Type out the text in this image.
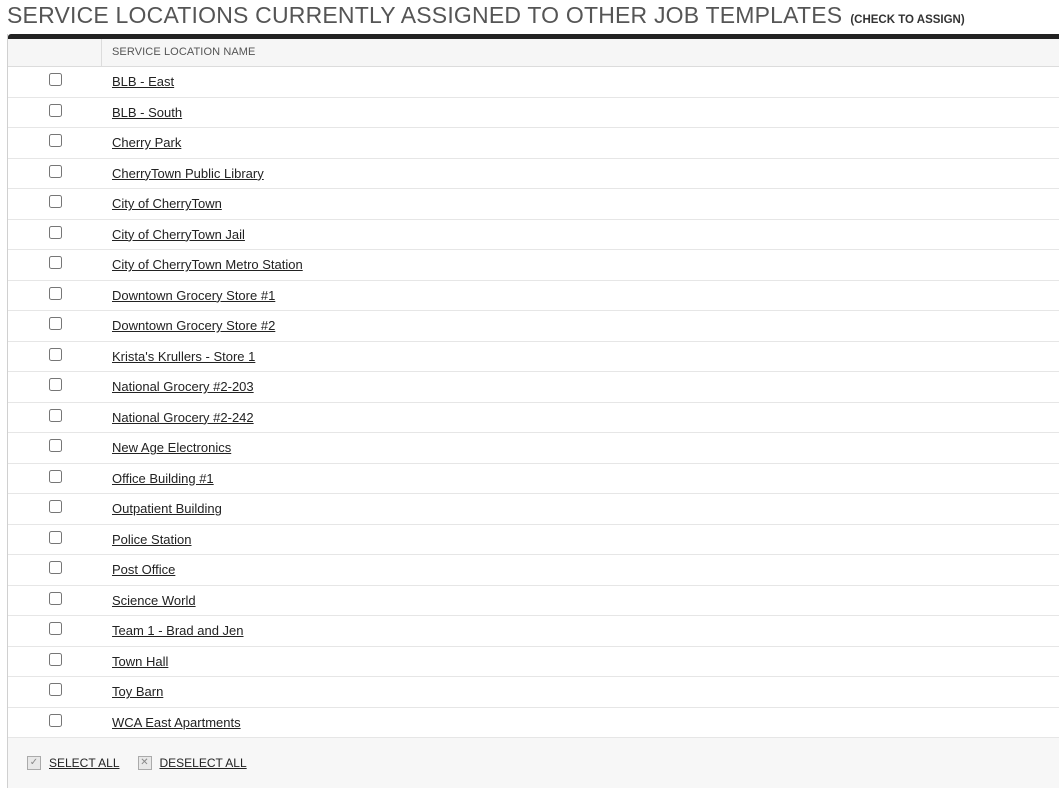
SERVICE LOCATIONS CURRENTLY ASSIGNED TO OTHER JOB TEMPLATES (CHECK TO ASSIGN)
SERVICE LOCATION NAME
BLB - East
BLB - South
Cherry Park
CherryTown Public Library
City of CherryTown
City of CherryTown Jail
City of CherryTown Metro Station
Downtown Grocery Store #1
Downtown Grocery Store #2
Krista's Krullers - Store 1
National Grocery #2-203
National Grocery #2-242
New Age Electronics
Office Building #1
Outpatient Building
Police Station
Post Office
Science World
Team 1 - Brad and Jen
Town Hall
Toy Barn
WCA East Apartments
✓ SELECT ALL ✕ DESELECT ALL
